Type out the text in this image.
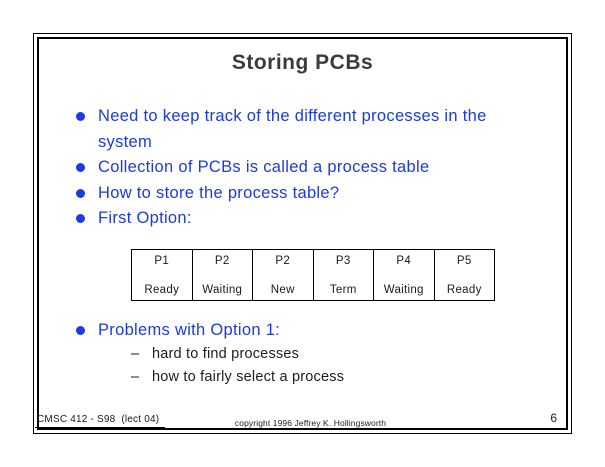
Storing PCBs
Need to keep track of the different processes in the system
Collection of PCBs is called a process table
How to store the process table?
First Option:
P1
Ready
P2
Waiting
P2
New
P3
Term
P4
Waiting
P5
Ready
Problems with Option 1:
– hard to find processes
– how to fairly select a process
CMSC 412 - S98  (lect 04)	copyright 1996 Jeffrey K. Hollingsworth	6
